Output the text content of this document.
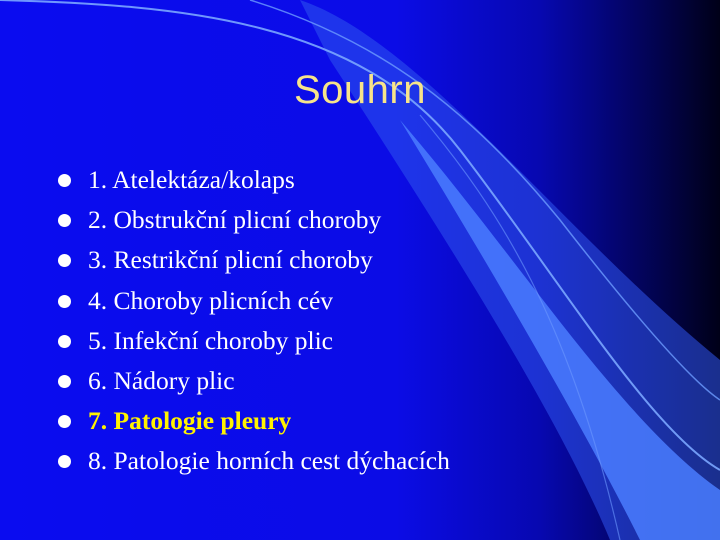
Souhrn
1. Atelektáza/kolaps
2. Obstrukční plicní choroby
3. Restrikční plicní choroby
4. Choroby plicních cév
5. Infekční choroby plic
6. Nádory plic
7. Patologie pleury
8. Patologie horních cest dýchacích
